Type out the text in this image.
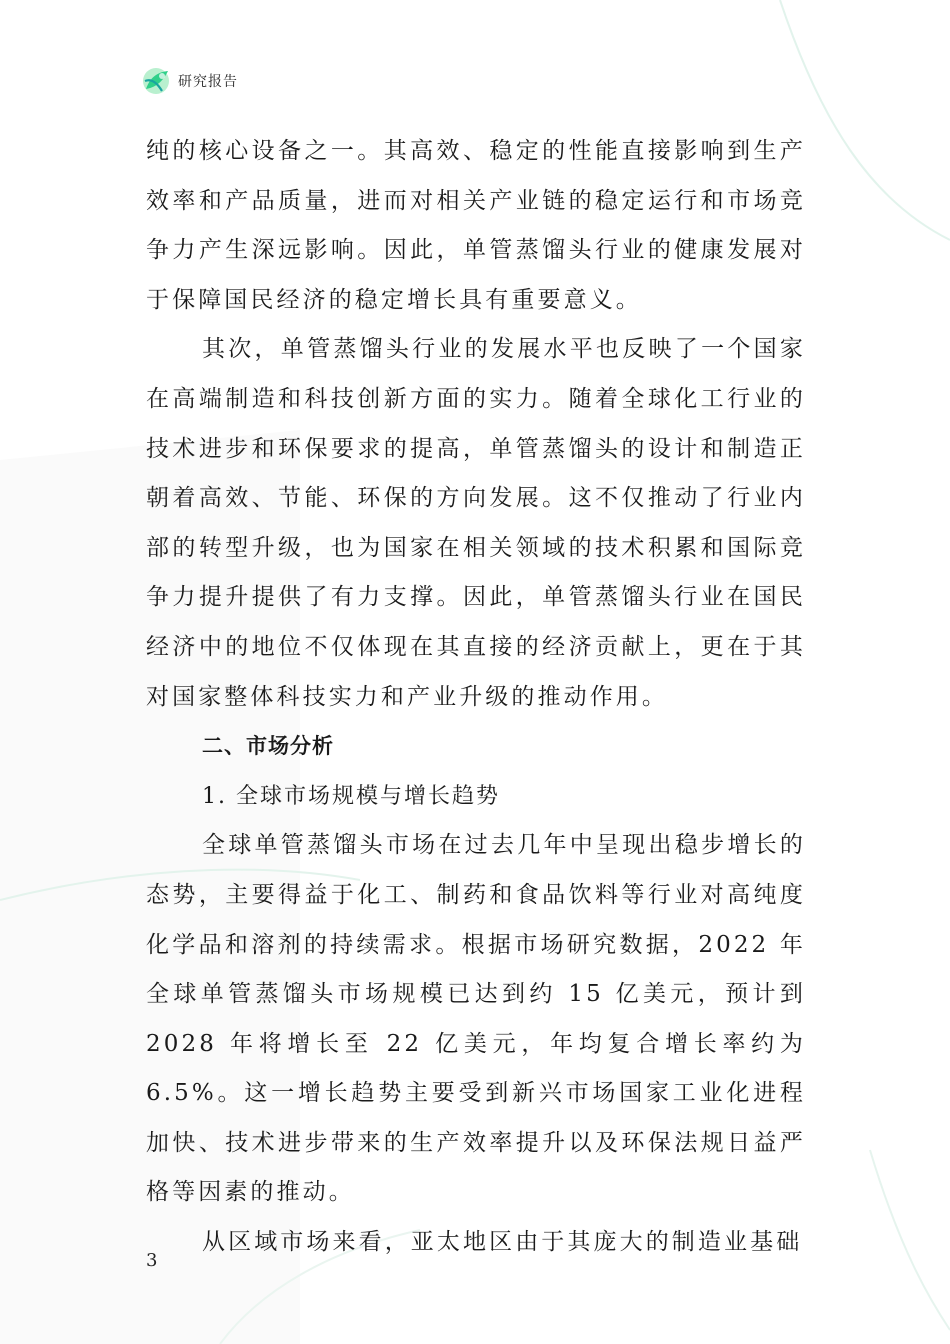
研究报告

纯的核心设备之一。其高效、稳定的性能直接影响到生产效率和产品质量，进而对相关产业链的稳定运行和市场竞争力产生深远影响。因此，单管蒸馏头行业的健康发展对于保障国民经济的稳定增长具有重要意义。

其次，单管蒸馏头行业的发展水平也反映了一个国家在高端制造和科技创新方面的实力。随着全球化工行业的技术进步和环保要求的提高，单管蒸馏头的设计和制造正朝着高效、节能、环保的方向发展。这不仅推动了行业内部的转型升级，也为国家在相关领域的技术积累和国际竞争力提升提供了有力支撑。因此，单管蒸馏头行业在国民经济中的地位不仅体现在其直接的经济贡献上，更在于其对国家整体科技实力和产业升级的推动作用。

二、市场分析

1. 全球市场规模与增长趋势

全球单管蒸馏头市场在过去几年中呈现出稳步增长的态势，主要得益于化工、制药和食品饮料等行业对高纯度化学品和溶剂的持续需求。根据市场研究数据，2022 年全球单管蒸馏头市场规模已达到约 15 亿美元，预计到 2028 年将增长至 22 亿美元，年均复合增长率约为 6.5%。这一增长趋势主要受到新兴市场国家工业化进程加快、技术进步带来的生产效率提升以及环保法规日益严格等因素的推动。

从区域市场来看，亚太地区由于其庞大的制造业基础

3
